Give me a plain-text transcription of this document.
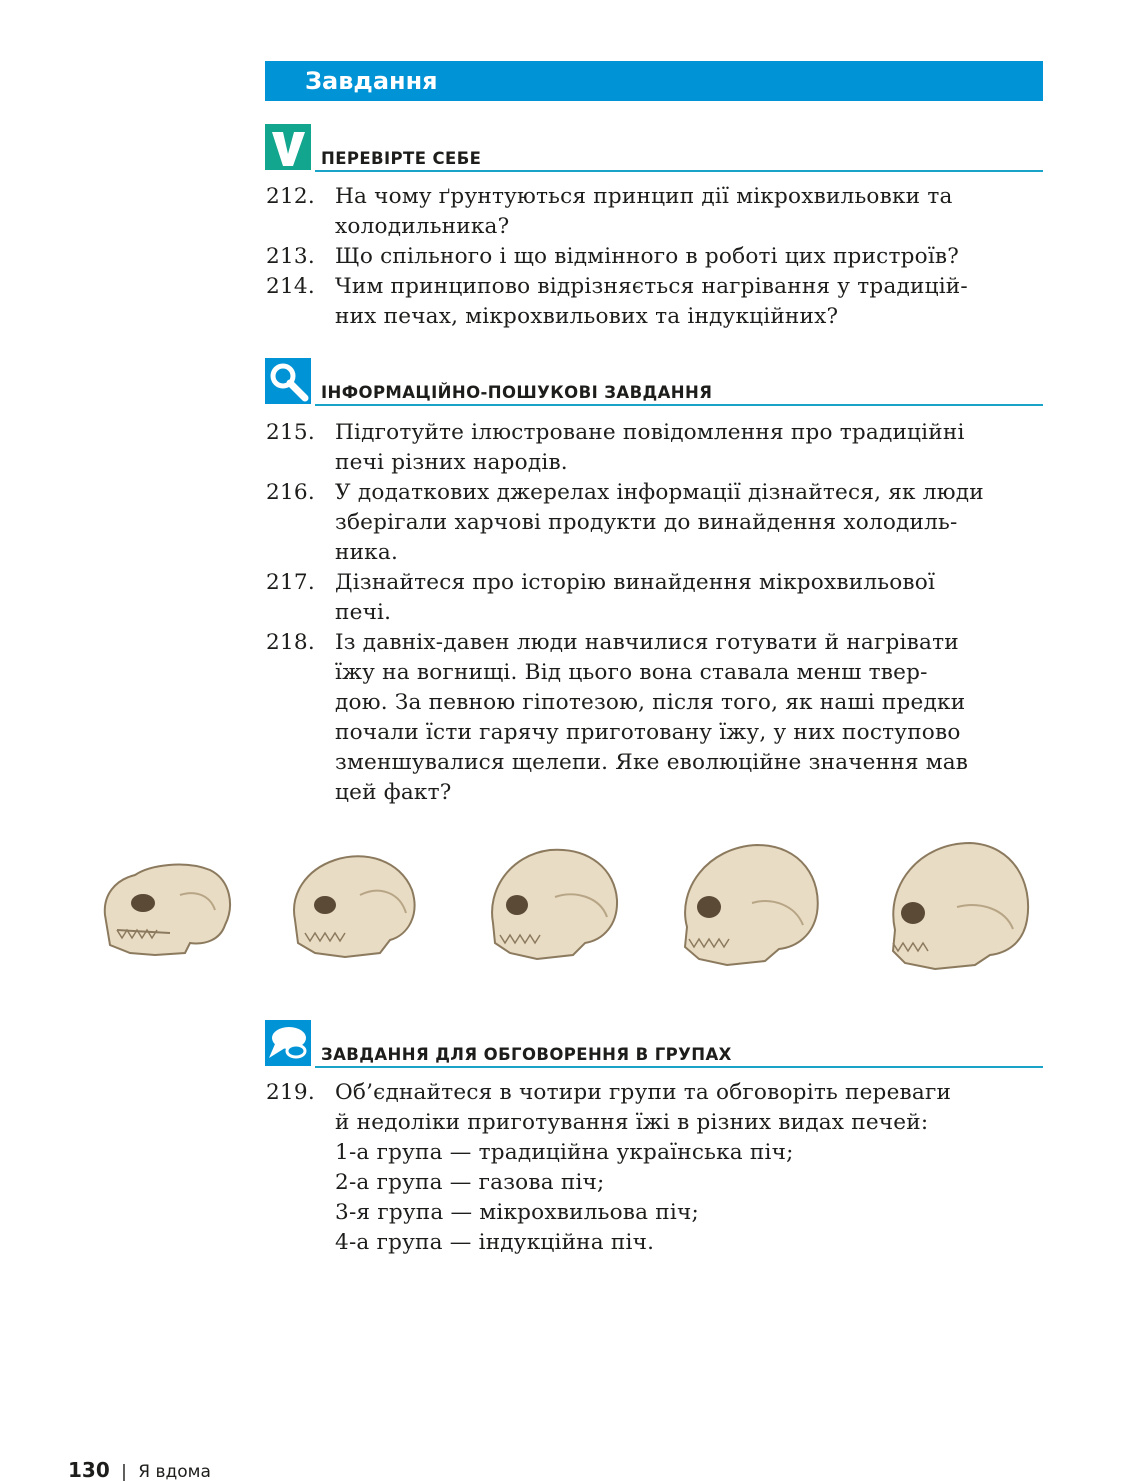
Завдання
ПЕРЕВІРТЕ СЕБЕ
212. На чому ґрунтуються принцип дії мікрохвильовки та
холодильника?
213. Що спільного і що відмінного в роботі цих пристроїв?
214. Чим принципово відрізняється нагрівання у традицій-
них печах, мікрохвильових та індукційних?
ІНФОРМАЦІЙНО-ПОШУКОВІ ЗАВДАННЯ
215. Підготуйте ілюстроване повідомлення про традиційні
печі різних народів.
216. У додаткових джерелах інформації дізнайтеся, як люди
зберігали харчові продукти до винайдення холодиль-
ника.
217. Дізнайтеся про історію винайдення мікрохвильової
печі.
218. Із давніх-давен люди навчилися готувати й нагрівати
їжу на вогнищі. Від цього вона ставала менш твер-
дою. За певною гіпотезою, після того, як наші предки
почали їсти гарячу приготовану їжу, у них поступово
зменшувалися щелепи. Яке еволюційне значення мав
цей факт?
ЗАВДАННЯ ДЛЯ ОБГОВОРЕННЯ В ГРУПАХ
219. Об’єднайтеся в чотири групи та обговоріть переваги
й недоліки приготування їжі в різних видах печей:
1-а група — традиційна українська піч;
2-а група — газова піч;
3-я група — мікрохвильова піч;
4-а група — індукційна піч.
130 | Я вдома
